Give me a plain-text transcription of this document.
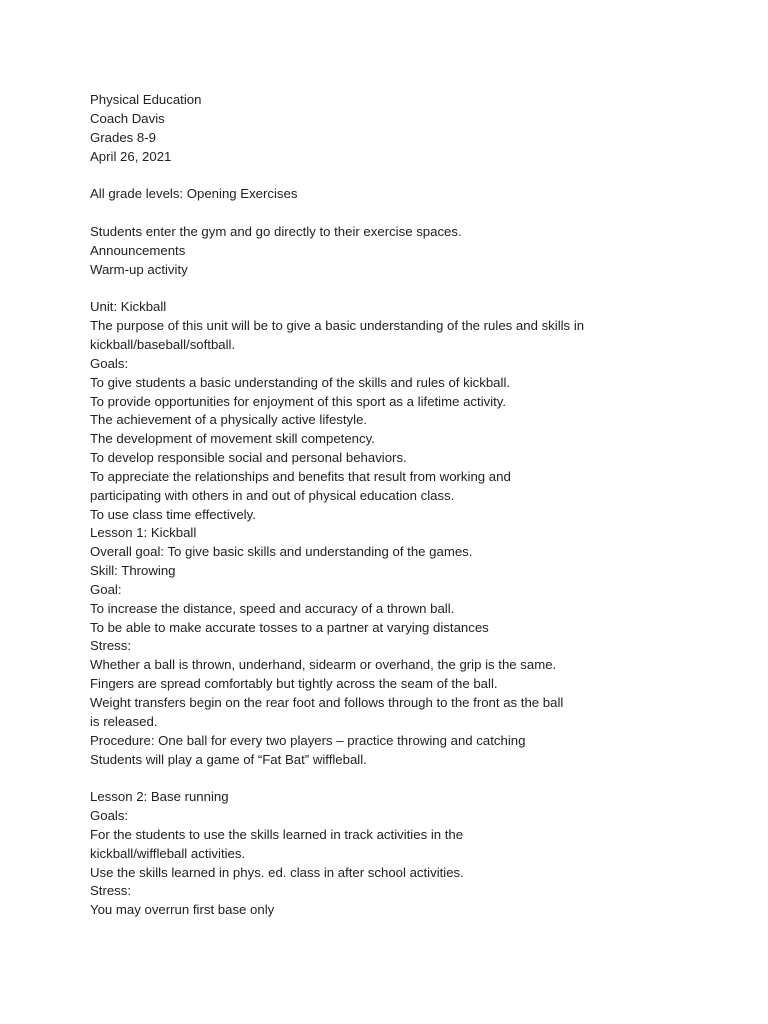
Physical Education
Coach Davis
Grades 8-9
April 26, 2021
All grade levels: Opening Exercises
Students enter the gym and go directly to their exercise spaces.
Announcements
Warm-up activity
Unit: Kickball
The purpose of this unit will be to give a basic understanding of the rules and skills in
kickball/baseball/softball.
Goals:
To give students a basic understanding of the skills and rules of kickball.
To provide opportunities for enjoyment of this sport as a lifetime activity.
The achievement of a physically active lifestyle.
The development of movement skill competency.
To develop responsible social and personal behaviors.
To appreciate the relationships and benefits that result from working and
participating with others in and out of physical education class.
To use class time effectively.
Lesson 1: Kickball
Overall goal: To give basic skills and understanding of the games.
Skill: Throwing
Goal:
To increase the distance, speed and accuracy of a thrown ball.
To be able to make accurate tosses to a partner at varying distances
Stress:
Whether a ball is thrown, underhand, sidearm or overhand, the grip is the same.
Fingers are spread comfortably but tightly across the seam of the ball.
Weight transfers begin on the rear foot and follows through to the front as the ball
is released.
Procedure: One ball for every two players – practice throwing and catching
Students will play a game of “Fat Bat” wiffleball.
Lesson 2: Base running
Goals:
For the students to use the skills learned in track activities in the
kickball/wiffleball activities.
Use the skills learned in phys. ed. class in after school activities.
Stress:
You may overrun first base only
